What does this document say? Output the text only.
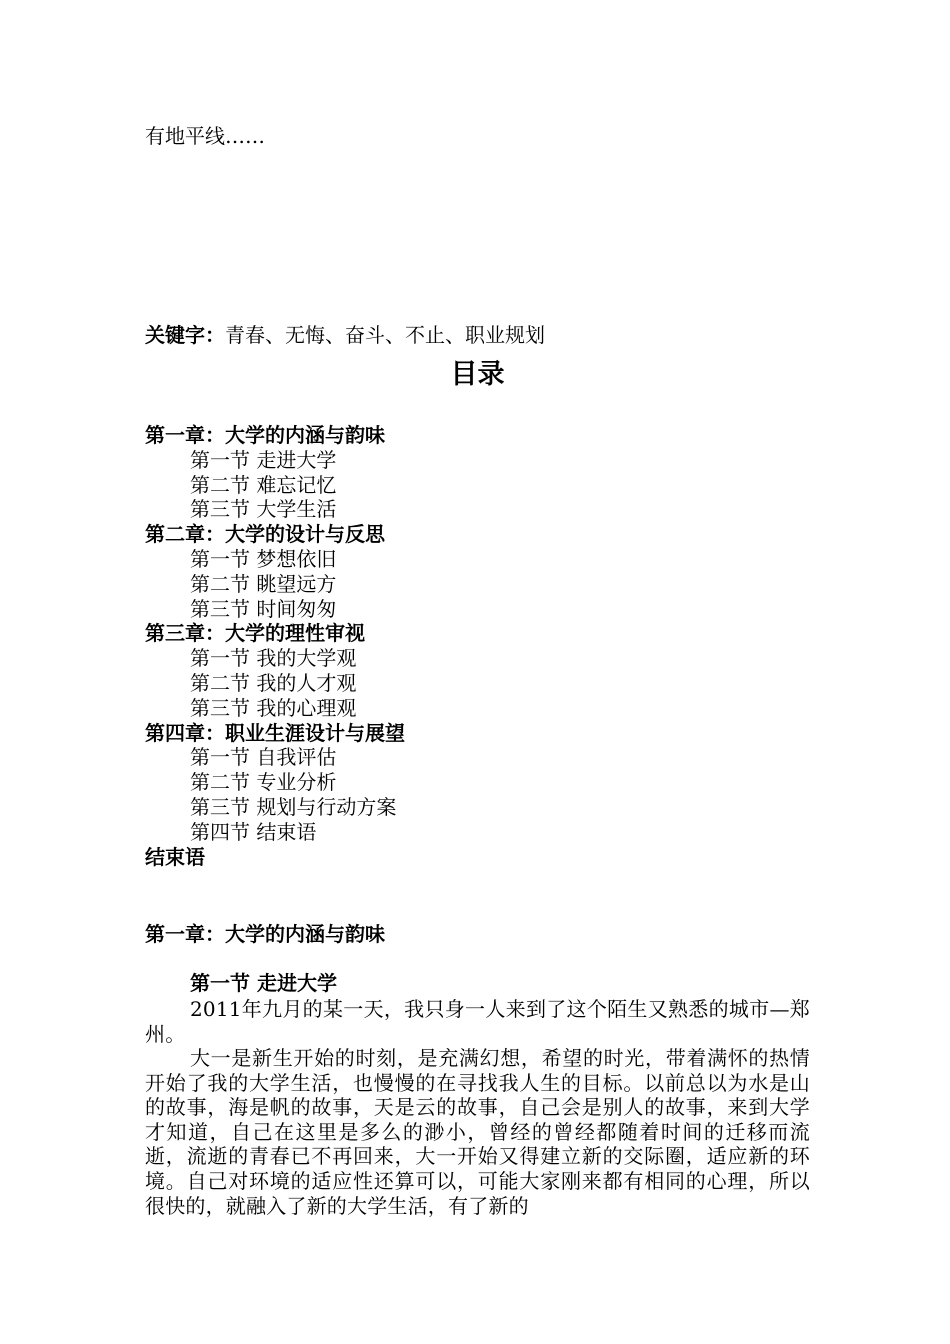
有地平线……
关键字：青春、无悔、奋斗、不止、职业规划
目录
第一章：大学的内涵与韵味
第一节 走进大学
第二节 难忘记忆
第三节 大学生活
第二章：大学的设计与反思
第一节 梦想依旧
第二节 眺望远方
第三节 时间匆匆
第三章：大学的理性审视
第一节 我的大学观
第二节 我的人才观
第三节 我的心理观
第四章：职业生涯设计与展望
第一节 自我评估
第二节 专业分析
第三节 规划与行动方案
第四节 结束语
结束语
第一章：大学的内涵与韵味
第一节 走进大学
2011年九月的某一天，我只身一人来到了这个陌生又熟悉的城市—郑州。
大一是新生开始的时刻，是充满幻想，希望的时光，带着满怀的热情开始了我的大学生活，也慢慢的在寻找我人生的目标。以前总以为水是山的故事，海是帆的故事，天是云的故事，自己会是别人的故事，来到大学才知道，自己在这里是多么的渺小，曾经的曾经都随着时间的迁移而流逝，流逝的青春已不再回来，大一开始又得建立新的交际圈，适应新的环境。自己对环境的适应性还算可以，可能大家刚来都有相同的心理，所以很快的，就融入了新的大学生活，有了新的
